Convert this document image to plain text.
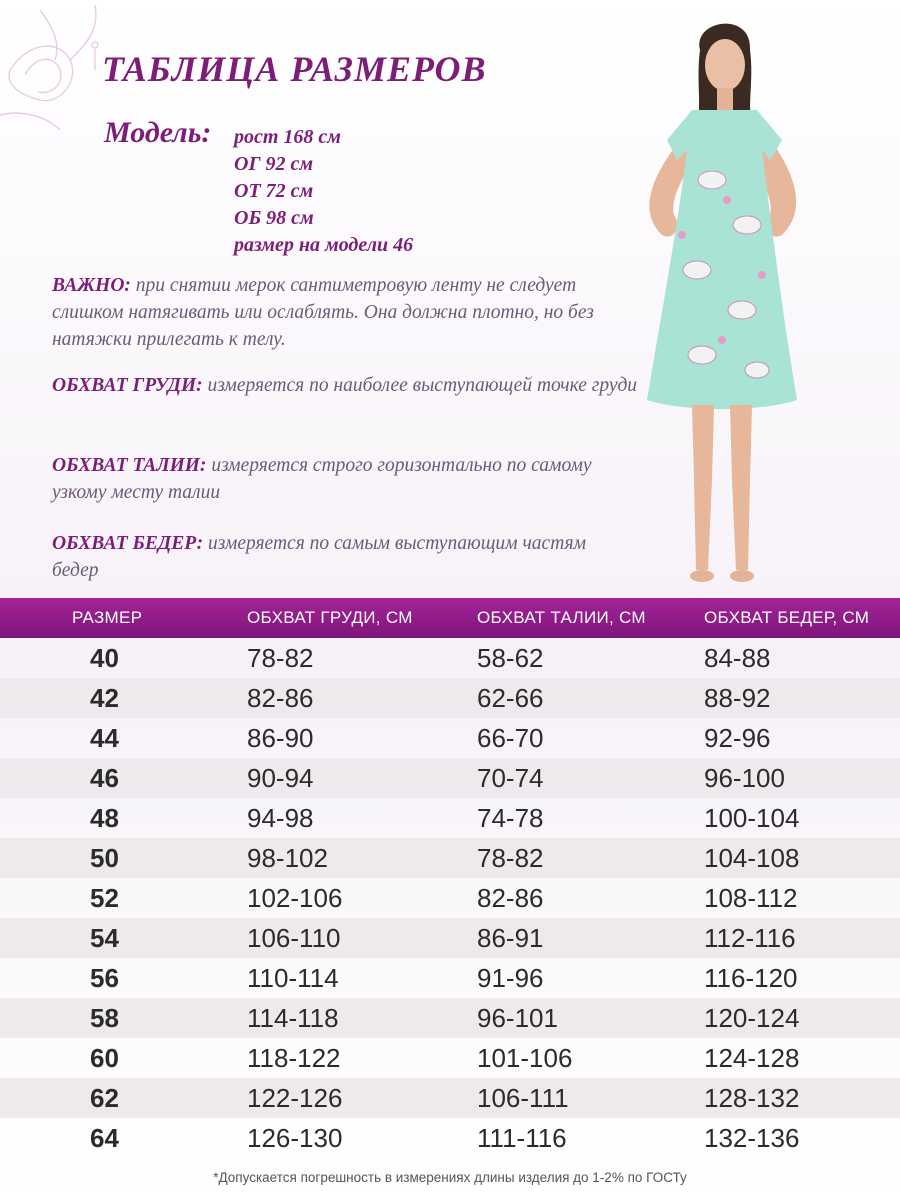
ТАБЛИЦА РАЗМЕРОВ
Модель: рост 168 см
ОГ 92 см
ОТ 72 см
ОБ 98 см
размер на модели 46
ВАЖНО: при снятии мерок сантиметровую ленту не следует слишком натягивать или ослаблять. Она должна плотно, но без натяжки прилегать к телу.
ОБХВАТ ГРУДИ: измеряется по наиболее выступающей точке груди
ОБХВАТ ТАЛИИ: измеряется строго горизонтально по самому узкому месту талии
ОБХВАТ БЕДЕР: измеряется по самым выступающим частям бедер
РАЗМЕР	ОБХВАТ ГРУДИ, СМ	ОБХВАТ ТАЛИИ, СМ	ОБХВАТ БЕДЕР, СМ
40	78-82	58-62	84-88
42	82-86	62-66	88-92
44	86-90	66-70	92-96
46	90-94	70-74	96-100
48	94-98	74-78	100-104
50	98-102	78-82	104-108
52	102-106	82-86	108-112
54	106-110	86-91	112-116
56	110-114	91-96	116-120
58	114-118	96-101	120-124
60	118-122	101-106	124-128
62	122-126	106-111	128-132
64	126-130	111-116	132-136
*Допускается погрешность в измерениях длины изделия до 1-2% по ГОСТу
